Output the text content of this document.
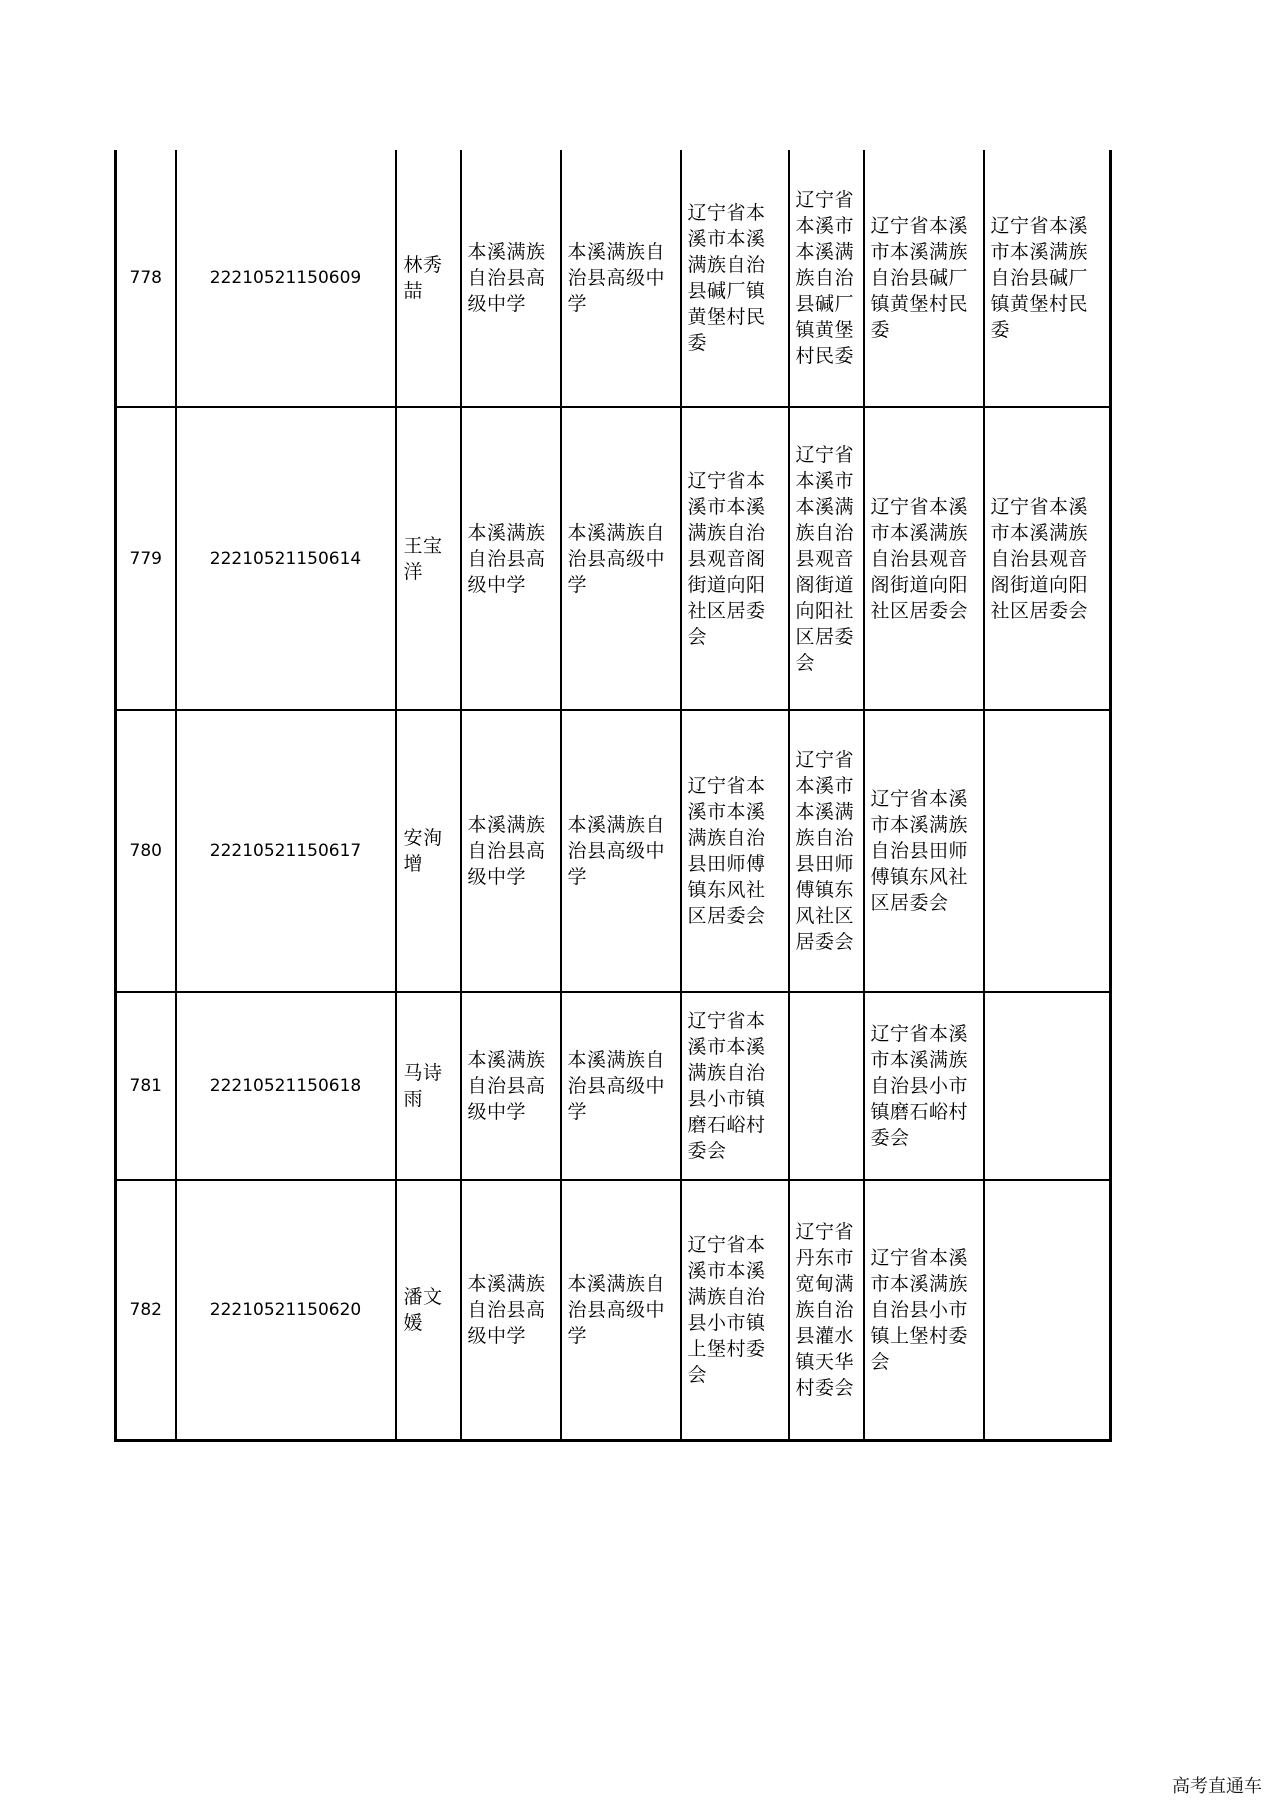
778	22210521150609	林秀喆	本溪满族自治县高级中学	本溪满族自治县高级中学	辽宁省本溪市本溪满族自治县碱厂镇黄堡村民委	辽宁省本溪市本溪满族自治县碱厂镇黄堡村民委	辽宁省本溪市本溪满族自治县碱厂镇黄堡村民委	辽宁省本溪市本溪满族自治县碱厂镇黄堡村民委
779	22210521150614	王宝洋	本溪满族自治县高级中学	本溪满族自治县高级中学	辽宁省本溪市本溪满族自治县观音阁街道向阳社区居委会	辽宁省本溪市本溪满族自治县观音阁街道向阳社区居委会	辽宁省本溪市本溪满族自治县观音阁街道向阳社区居委会	辽宁省本溪市本溪满族自治县观音阁街道向阳社区居委会
780	22210521150617	安洵增	本溪满族自治县高级中学	本溪满族自治县高级中学	辽宁省本溪市本溪满族自治县田师傅镇东风社区居委会	辽宁省本溪市本溪满族自治县田师傅镇东风社区居委会	辽宁省本溪市本溪满族自治县田师傅镇东风社区居委会	
781	22210521150618	马诗雨	本溪满族自治县高级中学	本溪满族自治县高级中学	辽宁省本溪市本溪满族自治县小市镇磨石峪村委会		辽宁省本溪市本溪满族自治县小市镇磨石峪村委会	
782	22210521150620	潘文媛	本溪满族自治县高级中学	本溪满族自治县高级中学	辽宁省本溪市本溪满族自治县小市镇上堡村委会	辽宁省丹东市宽甸满族自治县灌水镇天华村委会	辽宁省本溪市本溪满族自治县小市镇上堡村委会	
高考直通车
